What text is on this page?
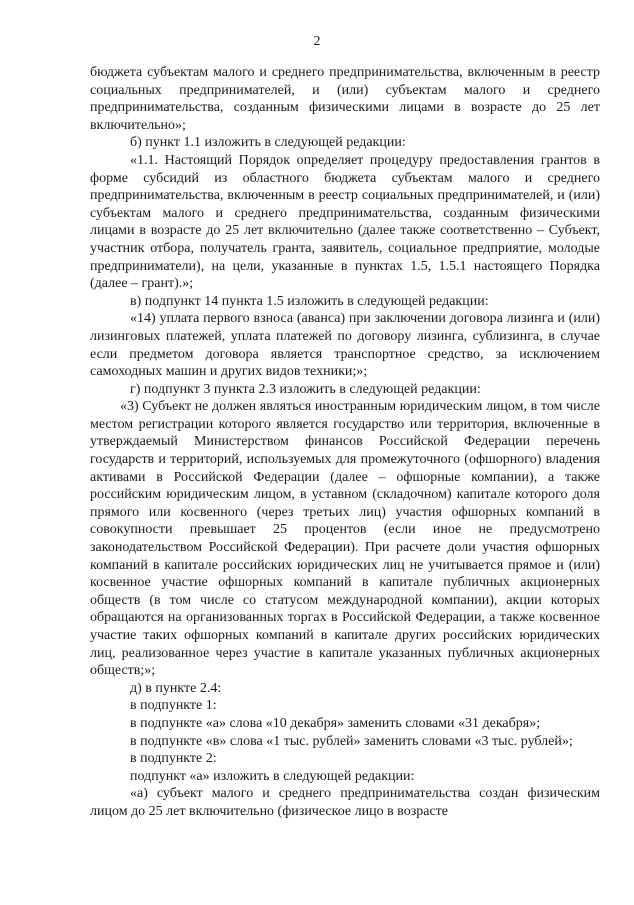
2

бюджета субъектам малого и среднего предпринимательства, включенным в реестр социальных предпринимателей, и (или) субъектам малого и среднего предпринимательства, созданным физическими лицами в возрасте до 25 лет включительно»;

б) пункт 1.1 изложить в следующей редакции:

«1.1. Настоящий Порядок определяет процедуру предоставления грантов в форме субсидий из областного бюджета субъектам малого и среднего предпринимательства, включенным в реестр социальных предпринимателей, и (или) субъектам малого и среднего предпринимательства, созданным физическими лицами в возрасте до 25 лет включительно (далее также соответственно – Субъект, участник отбора, получатель гранта, заявитель, социальное предприятие, молодые предприниматели), на цели, указанные в пунктах 1.5, 1.5.1 настоящего Порядка (далее – грант).»;

в) подпункт 14 пункта 1.5 изложить в следующей редакции:

«14) уплата первого взноса (аванса) при заключении договора лизинга и (или) лизинговых платежей, уплата платежей по договору лизинга, сублизинга, в случае если предметом договора является транспортное средство, за исключением самоходных машин и других видов техники;»;

г) подпункт 3 пункта 2.3 изложить в следующей редакции:

«3) Субъект не должен являться иностранным юридическим лицом, в том числе местом регистрации которого является государство или территория, включенные в утверждаемый Министерством финансов Российской Федерации перечень государств и территорий, используемых для промежуточного (офшорного) владения активами в Российской Федерации (далее – офшорные компании), а также российским юридическим лицом, в уставном (складочном) капитале которого доля прямого или косвенного (через третьих лиц) участия офшорных компаний в совокупности превышает 25 процентов (если иное не предусмотрено законодательством Российской Федерации). При расчете доли участия офшорных компаний в капитале российских юридических лиц не учитывается прямое и (или) косвенное участие офшорных компаний в капитале публичных акционерных обществ (в том числе со статусом международной компании), акции которых обращаются на организованных торгах в Российской Федерации, а также косвенное участие таких офшорных компаний в капитале других российских юридических лиц, реализованное через участие в капитале указанных публичных акционерных обществ;»;

д) в пункте 2.4:

в подпункте 1:

в подпункте «а» слова «10 декабря» заменить словами «31 декабря»;

в подпункте «в» слова «1 тыс. рублей» заменить словами «3 тыс. рублей»;

в подпункте 2:

подпункт «а» изложить в следующей редакции:

«а) субъект малого и среднего предпринимательства создан физическим лицом до 25 лет включительно (физическое лицо в возрасте
